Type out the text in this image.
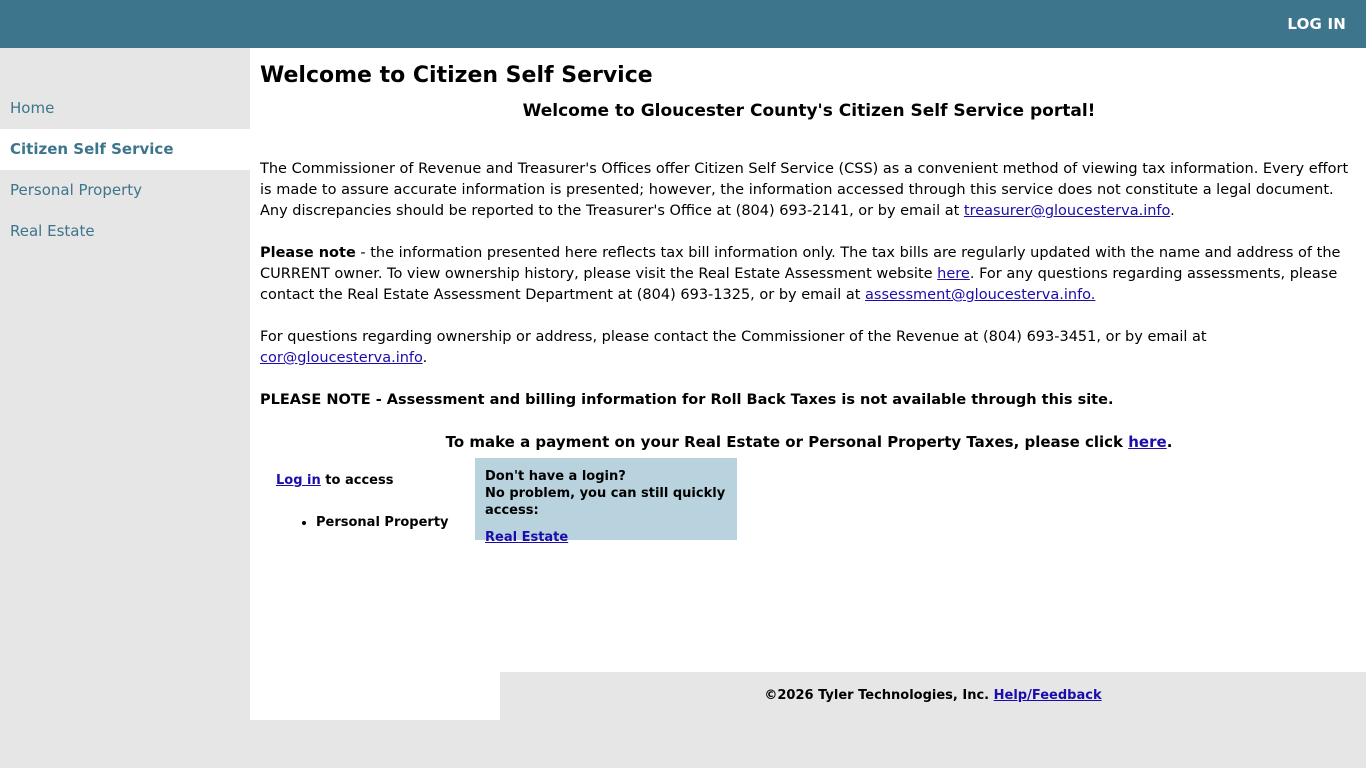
LOG IN
Home
Citizen Self Service
Personal Property
Real Estate
Welcome to Citizen Self Service
Welcome to Gloucester County's Citizen Self Service portal!

The Commissioner of Revenue and Treasurer's Offices offer Citizen Self Service (CSS) as a convenient method of viewing tax information. Every effort is made to assure accurate information is presented; however, the information accessed through this service does not constitute a legal document. Any discrepancies should be reported to the Treasurer's Office at (804) 693-2141, or by email at treasurer@gloucesterva.info.

Please note - the information presented here reflects tax bill information only. The tax bills are regularly updated with the name and address of the CURRENT owner. To view ownership history, please visit the Real Estate Assessment website here. For any questions regarding assessments, please contact the Real Estate Assessment Department at (804) 693-1325, or by email at assessment@gloucesterva.info.

For questions regarding ownership or address, please contact the Commissioner of the Revenue at (804) 693-3451, or by email at cor@gloucesterva.info.

PLEASE NOTE - Assessment and billing information for Roll Back Taxes is not available through this site.

To make a payment on your Real Estate or Personal Property Taxes, please click here.
Log in to access
• Personal Property
Don't have a login?
No problem, you can still quickly access:
Real Estate
©2026 Tyler Technologies, Inc. Help/Feedback
